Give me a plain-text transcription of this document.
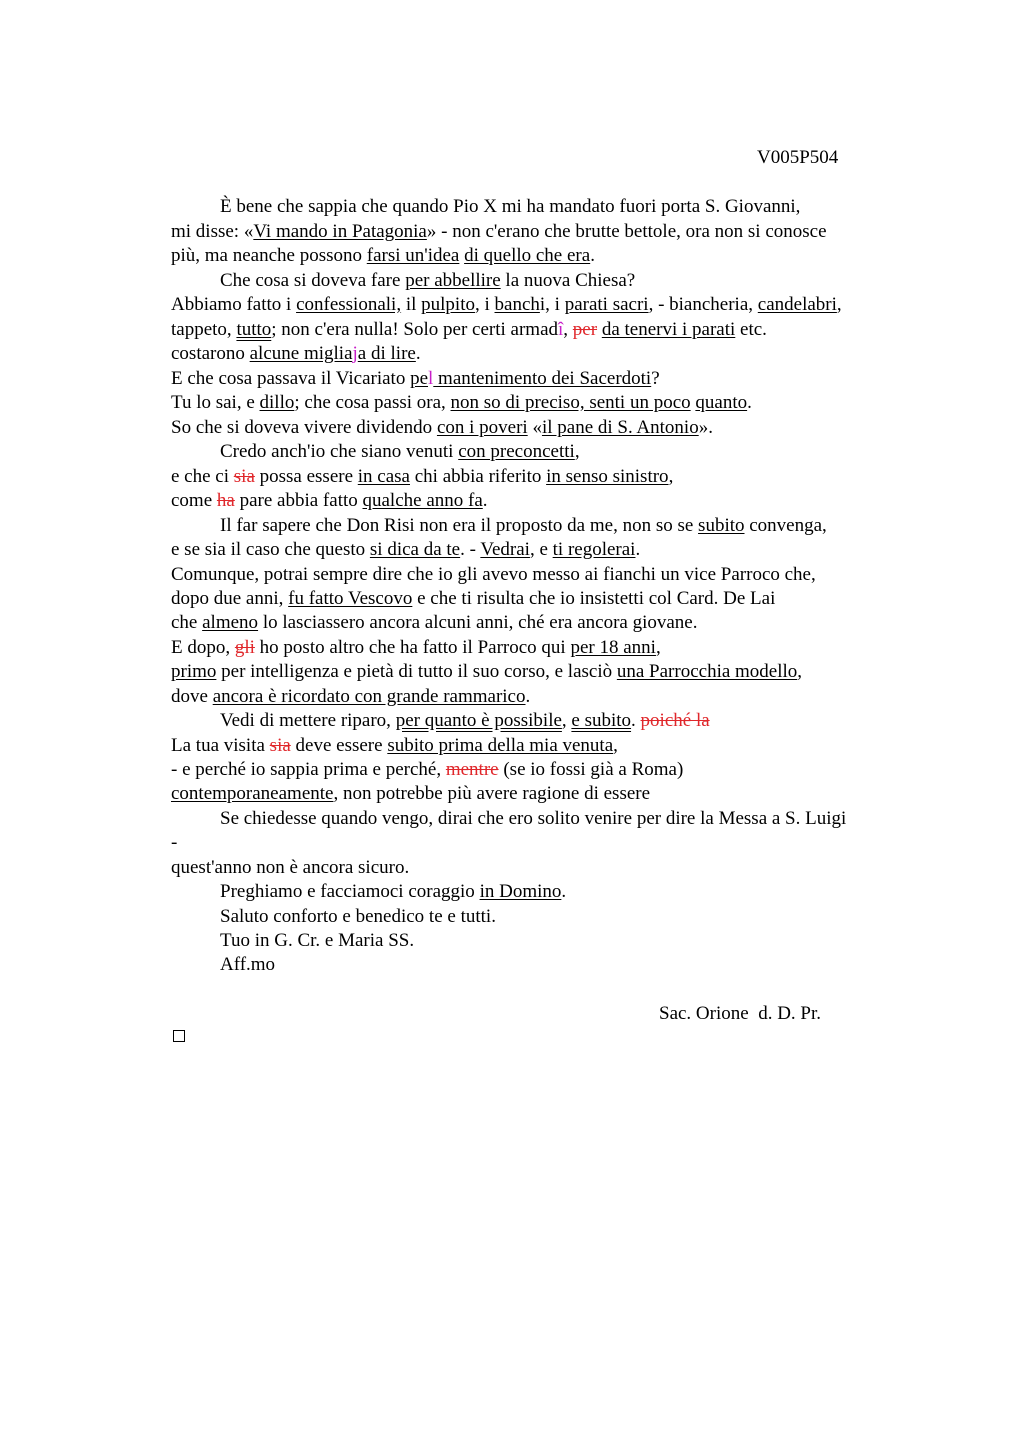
V005P504
È bene che sappia che quando Pio X mi ha mandato fuori porta S. Giovanni,
mi disse: «Vi mando in Patagonia» - non c'erano che brutte bettole, ora non si conosce
più, ma neanche possono farsi un'idea di quello che era.
Che cosa si doveva fare per abbellire la nuova Chiesa?
Abbiamo fatto i confessionali, il pulpito, i banchi, i parati sacri, - biancheria, candelabri,
tappeto, tutto; non c'era nulla! Solo per certi armadî, per da tenervi i parati etc.
costarono alcune migliaja di lire.
E che cosa passava il Vicariato pel mantenimento dei Sacerdoti?
Tu lo sai, e dillo; che cosa passi ora, non so di preciso, senti un poco quanto.
So che si doveva vivere dividendo con i poveri «il pane di S. Antonio».
Credo anch'io che siano venuti con preconcetti,
e che ci sia possa essere in casa chi abbia riferito in senso sinistro,
come ha pare abbia fatto qualche anno fa.
Il far sapere che Don Risi non era il proposto da me, non so se subito convenga,
e se sia il caso che questo si dica da te. - Vedrai, e ti regolerai.
Comunque, potrai sempre dire che io gli avevo messo ai fianchi un vice Parroco che,
dopo due anni, fu fatto Vescovo e che ti risulta che io insistetti col Card. De Lai
che almeno lo lasciassero ancora alcuni anni, ché era ancora giovane.
E dopo, gli ho posto altro che ha fatto il Parroco qui per 18 anni,
primo per intelligenza e pietà di tutto il suo corso, e lasciò una Parrocchia modello,
dove ancora è ricordato con grande rammarico.
Vedi di mettere riparo, per quanto è possibile, e subito. poiché la
La tua visita sia deve essere subito prima della mia venuta,
- e perché io sappia prima e perché, mentre (se io fossi già a Roma)
contemporaneamente, non potrebbe più avere ragione di essere
Se chiedesse quando vengo, dirai che ero solito venire per dire la Messa a S. Luigi
-
quest'anno non è ancora sicuro.
Preghiamo e facciamoci coraggio in Domino.
Saluto conforto e benedico te e tutti.
Tuo in G. Cr. e Maria SS.
Aff.mo
Sac. Orione  d. D. Pr.
